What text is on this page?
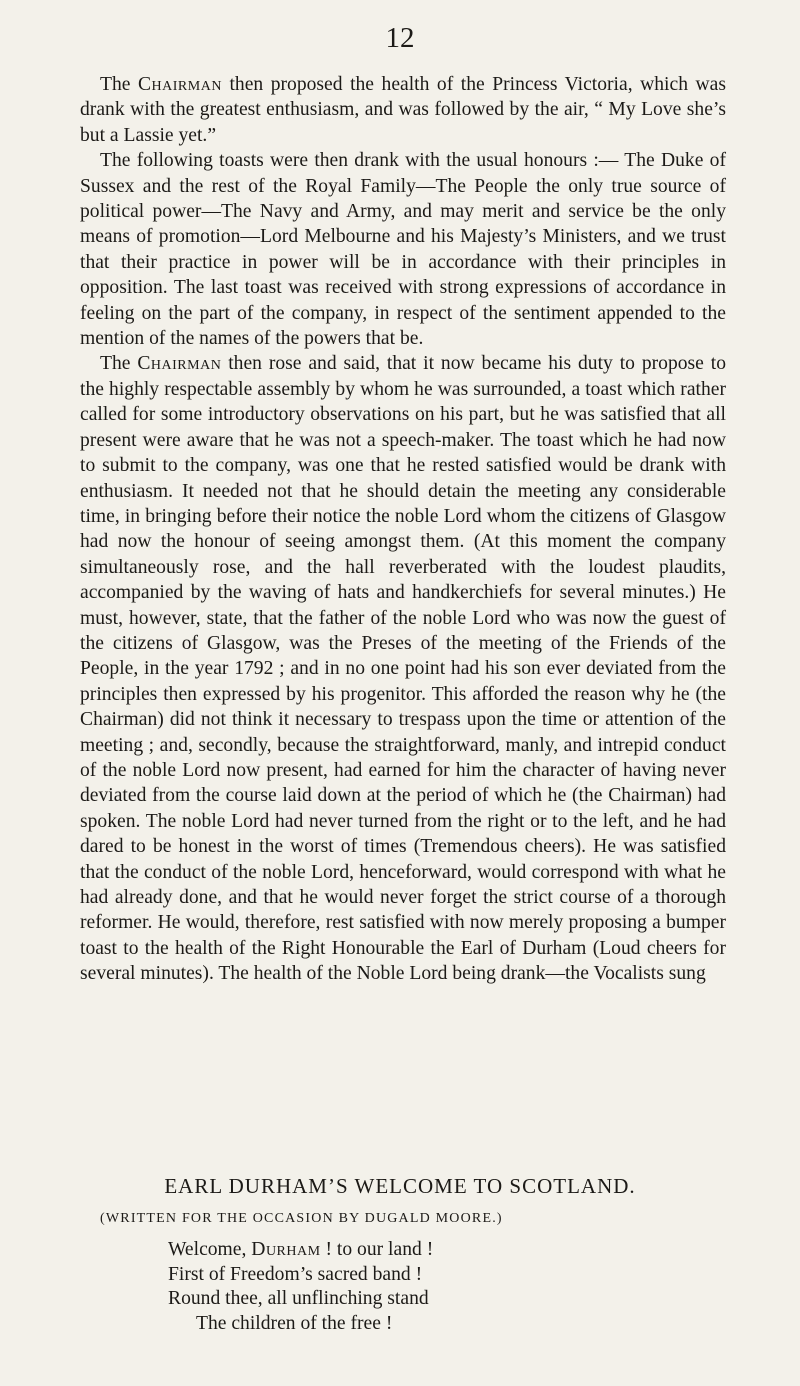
12

The Chairman then proposed the health of the Princess Victoria, which was drank with the greatest enthusiasm, and was followed by the air, “ My Love she’s but a Lassie yet.”

The following toasts were then drank with the usual honours :— The Duke of Sussex and the rest of the Royal Family—The People the only true source of political power—The Navy and Army, and may merit and service be the only means of promotion—Lord Melbourne and his Majesty’s Ministers, and we trust that their practice in power will be in accordance with their principles in opposition. The last toast was received with strong expressions of accordance in feeling on the part of the company, in respect of the sentiment appended to the mention of the names of the powers that be.

The Chairman then rose and said, that it now became his duty to propose to the highly respectable assembly by whom he was surrounded, a toast which rather called for some introductory observations on his part, but he was satisfied that all present were aware that he was not a speech-maker. The toast which he had now to submit to the company, was one that he rested satisfied would be drank with enthusiasm. It needed not that he should detain the meeting any considerable time, in bringing before their notice the noble Lord whom the citizens of Glasgow had now the honour of seeing amongst them. (At this moment the company simultaneously rose, and the hall reverberated with the loudest plaudits, accompanied by the waving of hats and handkerchiefs for several minutes.) He must, however, state, that the father of the noble Lord who was now the guest of the citizens of Glasgow, was the Preses of the meeting of the Friends of the People, in the year 1792 ; and in no one point had his son ever deviated from the principles then expressed by his progenitor. This afforded the reason why he (the Chairman) did not think it necessary to trespass upon the time or attention of the meeting ; and, secondly, because the straightforward, manly, and intrepid conduct of the noble Lord now present, had earned for him the character of having never deviated from the course laid down at the period of which he (the Chairman) had spoken. The noble Lord had never turned from the right or to the left, and he had dared to be honest in the worst of times (Tremendous cheers). He was satisfied that the conduct of the noble Lord, henceforward, would correspond with what he had already done, and that he would never forget the strict course of a thorough reformer. He would, therefore, rest satisfied with now merely proposing a bumper toast to the health of the Right Honourable the Earl of Durham (Loud cheers for several minutes). The health of the Noble Lord being drank—the Vocalists sung

EARL DURHAM’S WELCOME TO SCOTLAND.
(WRITTEN FOR THE OCCASION BY DUGALD MOORE.)
Welcome, Durham ! to our land !
First of Freedom’s sacred band !
Round thee, all unflinching stand
The children of the free !
